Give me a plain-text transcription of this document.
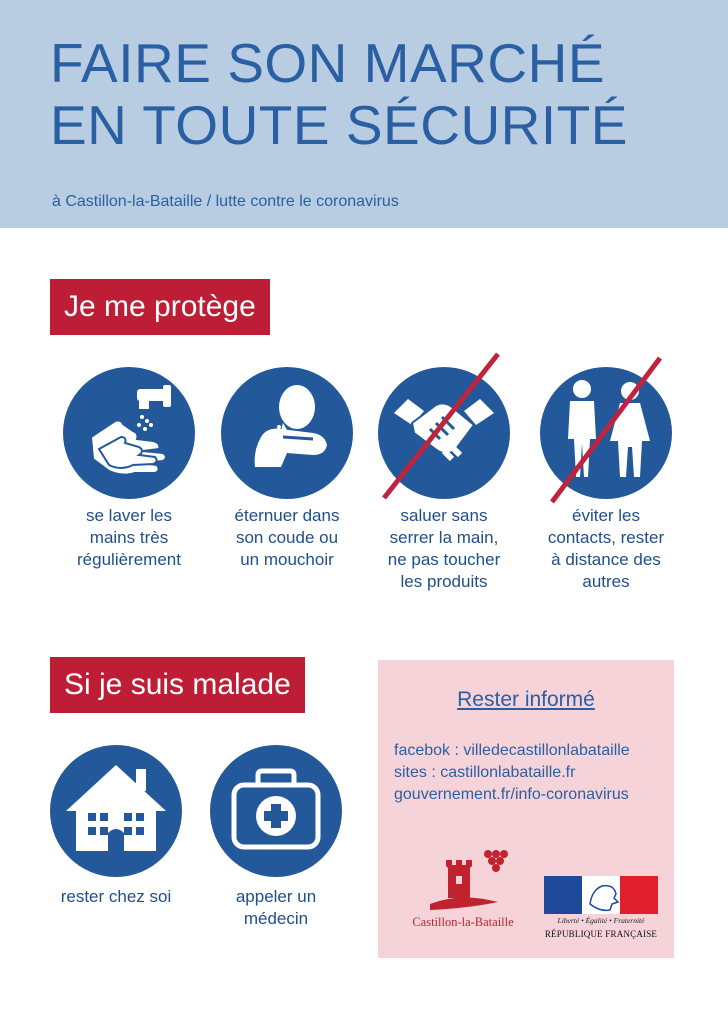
FAIRE SON MARCHÉ
EN TOUTE SÉCURITÉ

à Castillon-la-Bataille / lutte contre le coronavirus

Je me protège

se laver les
mains très
régulièrement

éternuer dans
son coude ou
un mouchoir

saluer sans
serrer la main,
ne pas toucher
les produits

éviter les
contacts, rester
à distance des
autres

Si je suis malade

rester chez soi	appeler un
médecin

Rester informé

facebok : villedecastillonlabataille
sites : castillonlabataille.fr
gouvernement.fr/info-coronavirus

Castillon-la-Bataille	Liberté • Égalité • Fraternité
RÉPUBLIQUE FRANÇAISE
